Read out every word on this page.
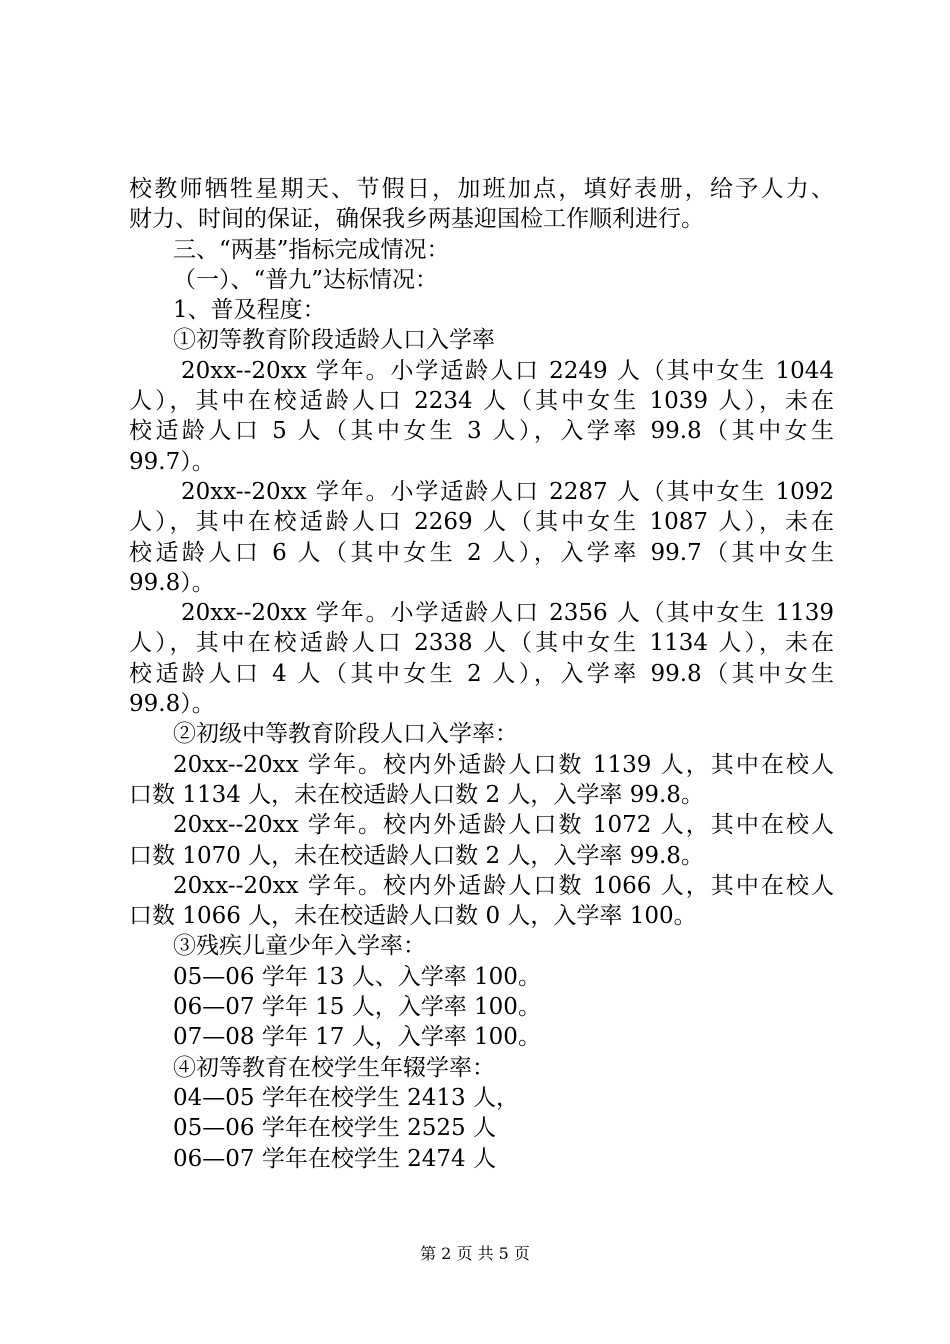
校教师牺牲星期天、节假日，加班加点，填好表册，给予人力、
财力、时间的保证，确保我乡两基迎国检工作顺利进行。
三、“两基”指标完成情况：
（一）、“普九”达标情况：
1、普及程度：
①初等教育阶段适龄人口入学率
20xx--20xx 学年。小学适龄人口 2249 人（其中女生 1044
人），其中在校适龄人口 2234 人（其中女生 1039 人），未在
校适龄人口 5 人（其中女生 3 人），入学率 99.8（其中女生
99.7）。
20xx--20xx 学年。小学适龄人口 2287 人（其中女生 1092
人），其中在校适龄人口 2269 人（其中女生 1087 人），未在
校适龄人口 6 人（其中女生 2 人），入学率 99.7（其中女生
99.8）。
20xx--20xx 学年。小学适龄人口 2356 人（其中女生 1139
人），其中在校适龄人口 2338 人（其中女生 1134 人），未在
校适龄人口 4 人（其中女生 2 人），入学率 99.8（其中女生
99.8）。
②初级中等教育阶段人口入学率：
20xx--20xx 学年。校内外适龄人口数 1139 人，其中在校人
口数 1134 人，未在校适龄人口数 2 人，入学率 99.8。
20xx--20xx 学年。校内外适龄人口数 1072 人，其中在校人
口数 1070 人，未在校适龄人口数 2 人，入学率 99.8。
20xx--20xx 学年。校内外适龄人口数 1066 人，其中在校人
口数 1066 人，未在校适龄人口数 0 人，入学率 100。
③残疾儿童少年入学率：
05—06 学年 13 人、入学率 100。
06—07 学年 15 人，入学率 100。
07—08 学年 17 人，入学率 100。
④初等教育在校学生年辍学率：
04—05 学年在校学生 2413 人，
05—06 学年在校学生 2525 人
06—07 学年在校学生 2474 人
第 2 页 共 5 页
